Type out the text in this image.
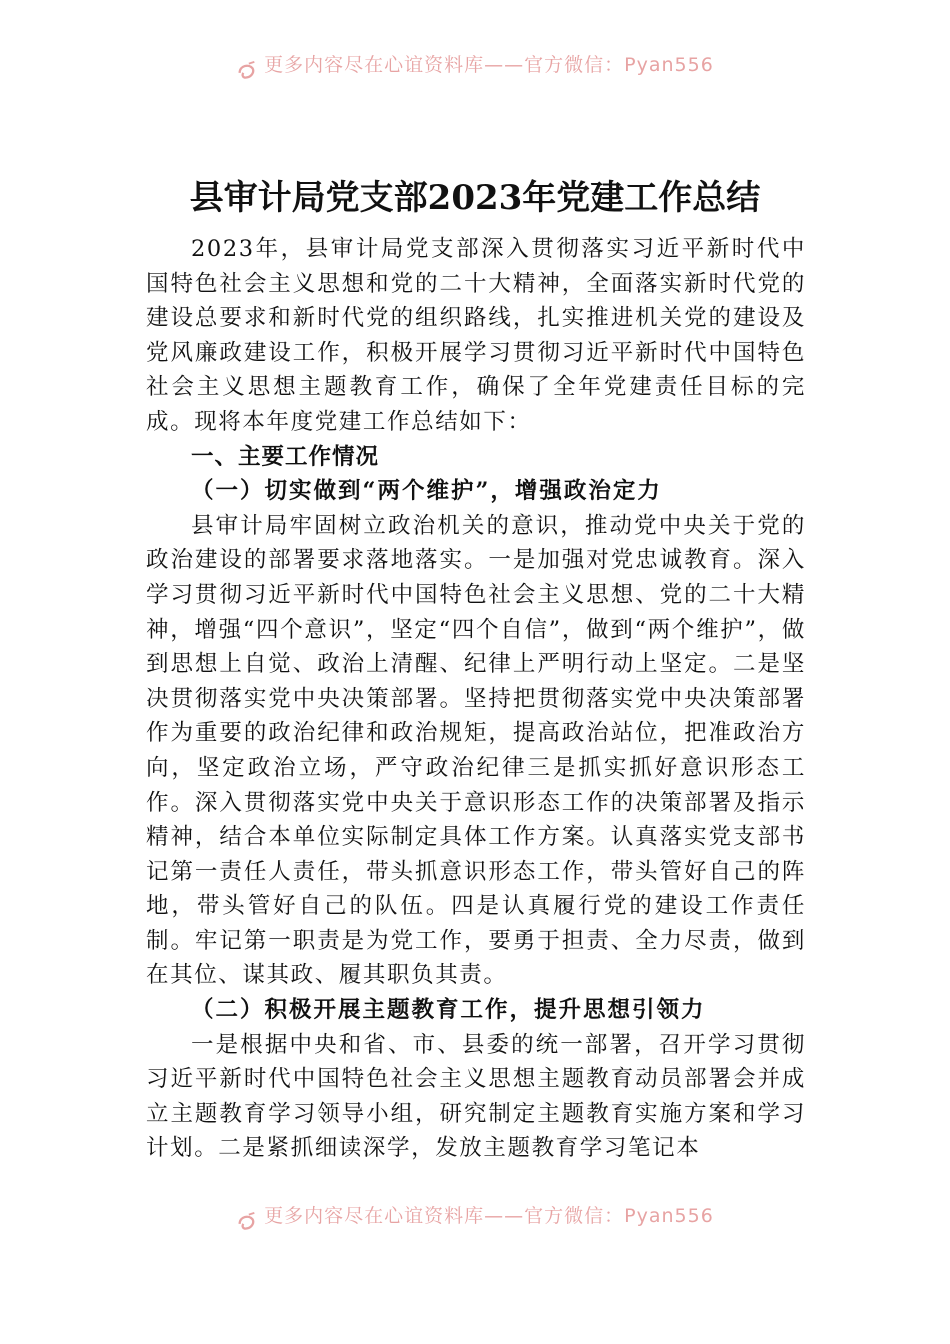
更多内容尽在心谊资料库——官方微信：Pyan556
县审计局党支部2023年党建工作总结

2023年，县审计局党支部深入贯彻落实习近平新时代中国特色社会主义思想和党的二十大精神，全面落实新时代党的建设总要求和新时代党的组织路线，扎实推进机关党的建设及党风廉政建设工作，积极开展学习贯彻习近平新时代中国特色社会主义思想主题教育工作，确保了全年党建责任目标的完成。现将本年度党建工作总结如下：

一、主要工作情况

（一）切实做到“两个维护”，增强政治定力

县审计局牢固树立政治机关的意识，推动党中央关于党的政治建设的部署要求落地落实。一是加强对党忠诚教育。深入学习贯彻习近平新时代中国特色社会主义思想、党的二十大精神，增强“四个意识”，坚定“四个自信”，做到“两个维护”，做到思想上自觉、政治上清醒、纪律上严明行动上坚定。二是坚决贯彻落实党中央决策部署。坚持把贯彻落实党中央决策部署作为重要的政治纪律和政治规矩，提高政治站位，把准政治方向，坚定政治立场，严守政治纪律三是抓实抓好意识形态工作。深入贯彻落实党中央关于意识形态工作的决策部署及指示精神，结合本单位实际制定具体工作方案。认真落实党支部书记第一责任人责任，带头抓意识形态工作，带头管好自己的阵地，带头管好自己的队伍。四是认真履行党的建设工作责任制。牢记第一职责是为党工作，要勇于担责、全力尽责，做到在其位、谋其政、履其职负其责。

（二）积极开展主题教育工作，提升思想引领力

一是根据中央和省、市、县委的统一部署，召开学习贯彻习近平新时代中国特色社会主义思想主题教育动员部署会并成立主题教育学习领导小组，研究制定主题教育实施方案和学习计划。二是紧抓细读深学，发放主题教育学习笔记本

更多内容尽在心谊资料库——官方微信：Pyan556
